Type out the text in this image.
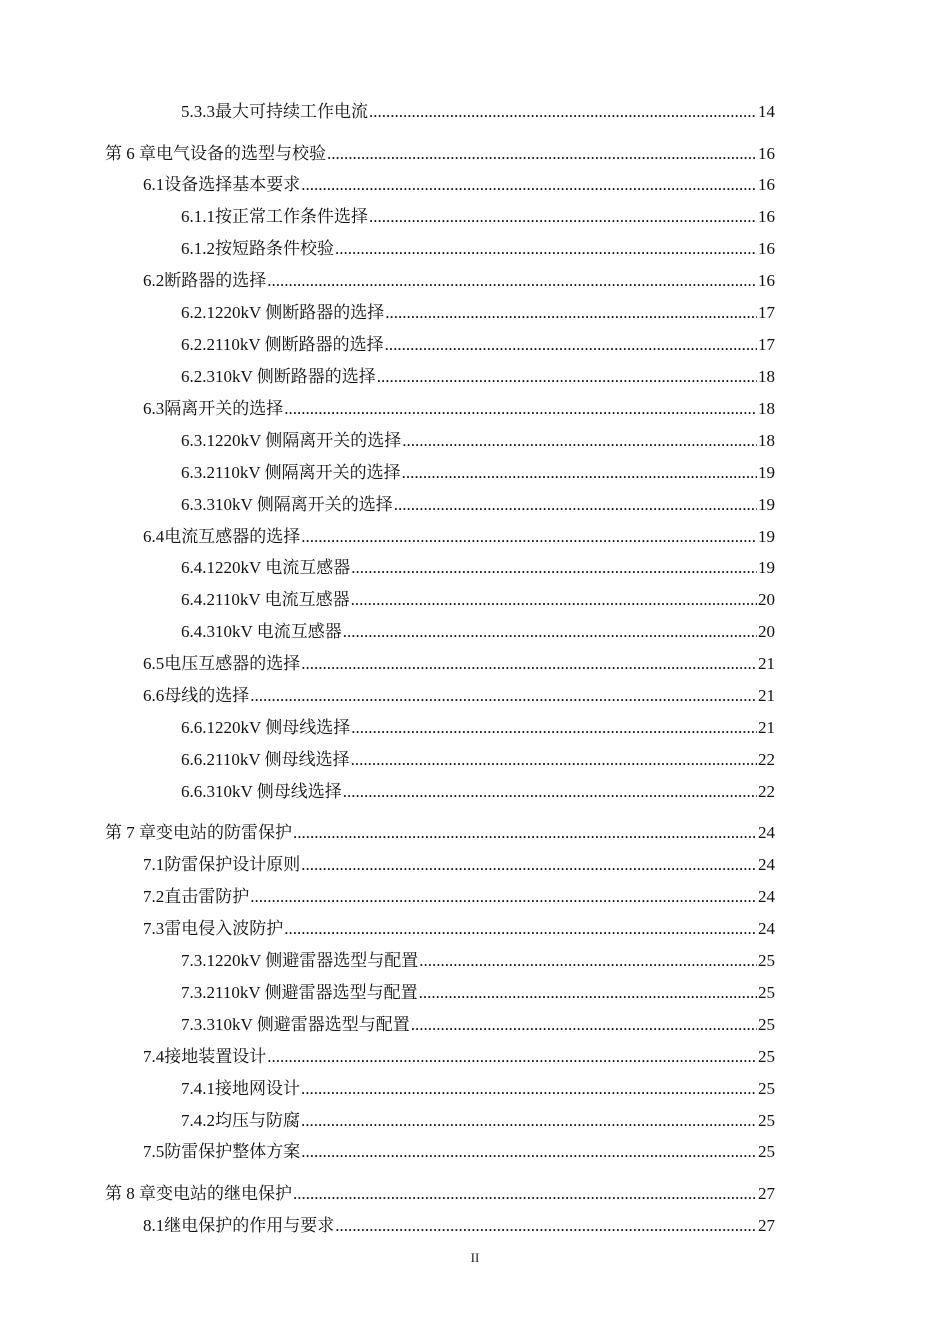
5.3.3 最大可持续工作电流 .....	14
第 6 章 电气设备的选型与校验 .....	16
6.1 设备选择基本要求 .....	16
6.1.1 按正常工作条件选择 .....	16
6.1.2 按短路条件校验 .....	16
6.2 断路器的选择 .....	16
6.2.1 220kV 侧断路器的选择 .....	17
6.2.2 110kV 侧断路器的选择 .....	17
6.2.3 10kV 侧断路器的选择 .....	18
6.3 隔离开关的选择 .....	18
6.3.1 220kV 侧隔离开关的选择 .....	18
6.3.2 110kV 侧隔离开关的选择 .....	19
6.3.3 10kV 侧隔离开关的选择 .....	19
6.4 电流互感器的选择 .....	19
6.4.1 220kV 电流互感器 .....	19
6.4.2 110kV 电流互感器 .....	20
6.4.3 10kV 电流互感器 .....	20
6.5 电压互感器的选择 .....	21
6.6 母线的选择 .....	21
6.6.1 220kV 侧母线选择 .....	21
6.6.2 110kV 侧母线选择 .....	22
6.6.3 10kV 侧母线选择 .....	22
第 7 章 变电站的防雷保护 .....	24
7.1 防雷保护设计原则 .....	24
7.2 直击雷防护 .....	24
7.3 雷电侵入波防护 .....	24
7.3.1 220kV 侧避雷器选型与配置 .....	25
7.3.2 110kV 侧避雷器选型与配置 .....	25
7.3.3 10kV 侧避雷器选型与配置 .....	25
7.4 接地装置设计 .....	25
7.4.1 接地网设计 .....	25
7.4.2 均压与防腐 .....	25
7.5 防雷保护整体方案 .....	25
第 8 章 变电站的继电保护 .....	27
8.1 继电保护的作用与要求 .....	27
II
